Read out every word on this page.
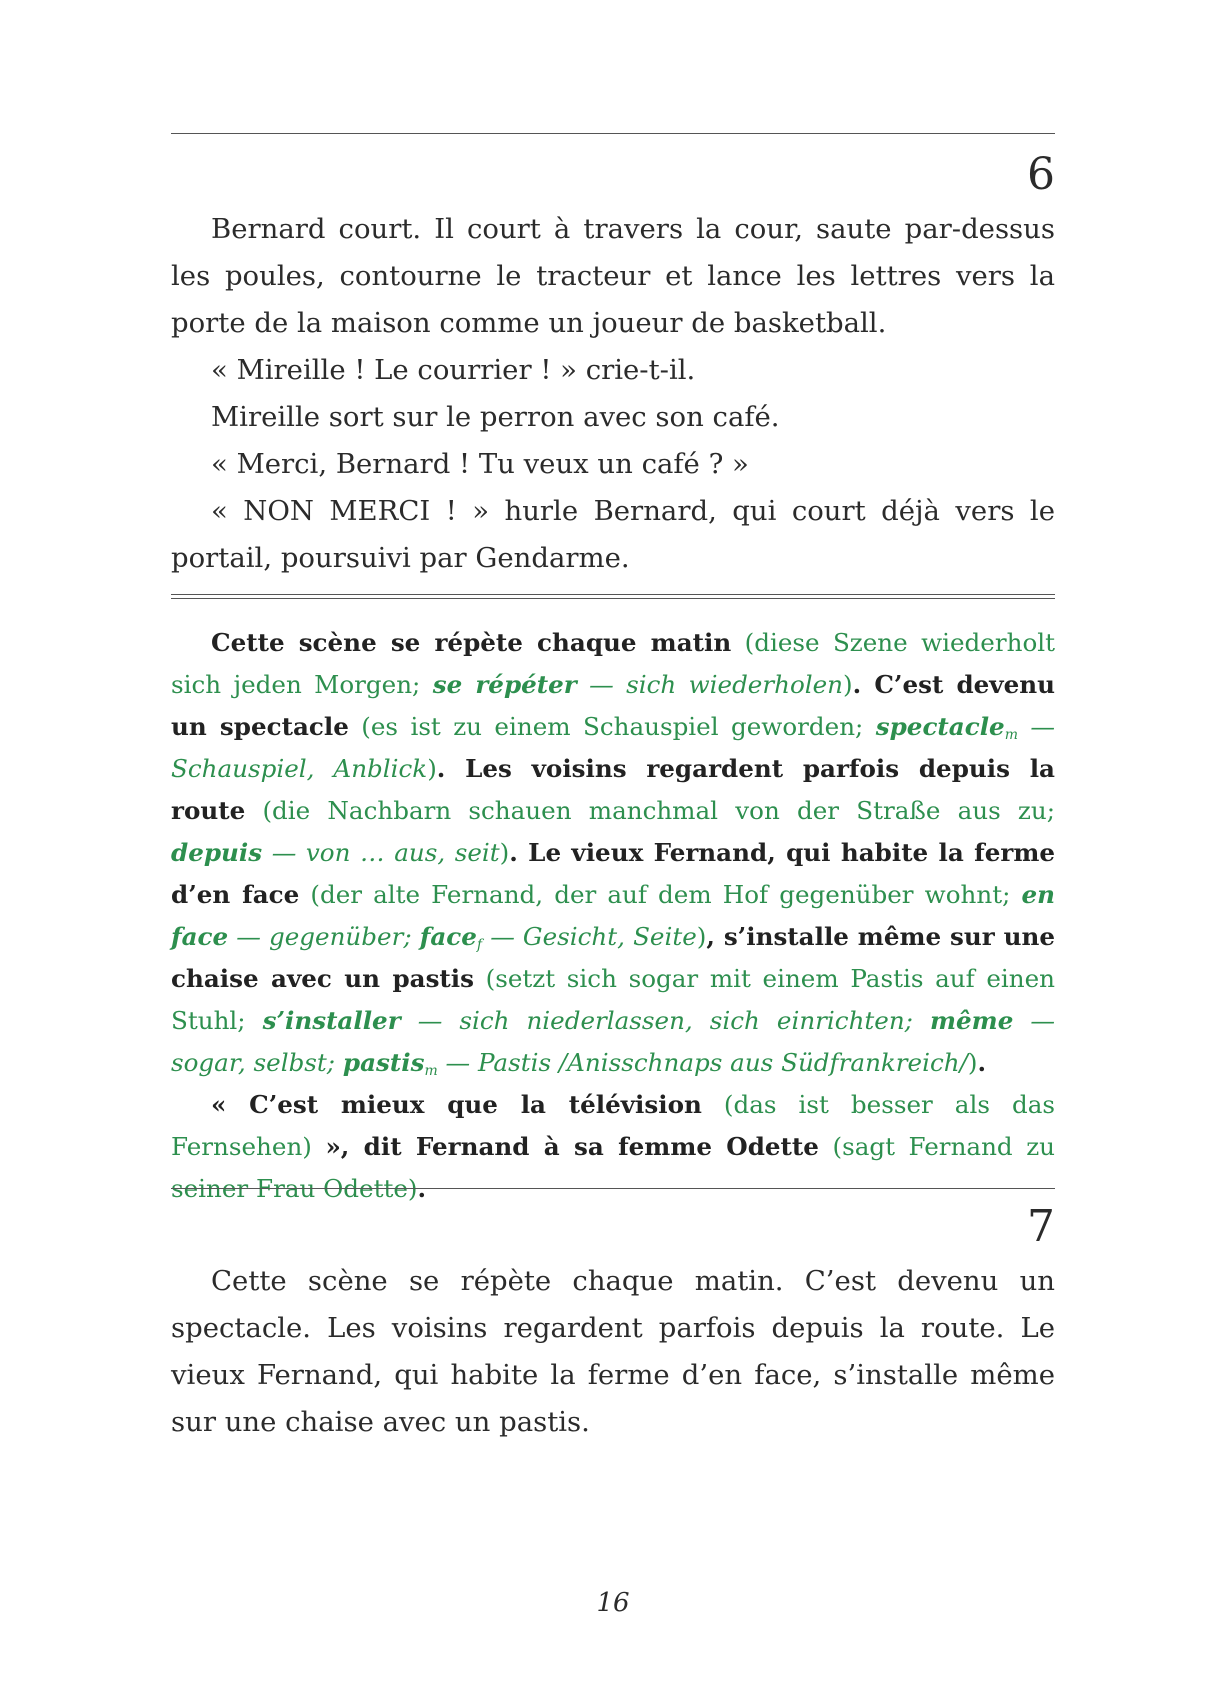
6

Bernard court. Il court à travers la cour, saute par-dessus les poules, contourne le tracteur et lance les lettres vers la porte de la maison comme un joueur de basketball.

« Mireille ! Le courrier ! » crie-t-il.

Mireille sort sur le perron avec son café.

« Merci, Bernard ! Tu veux un café ? »

« NON MERCI ! » hurle Bernard, qui court déjà vers le portail, poursuivi par Gendarme.

Cette scène se répète chaque matin (diese Szene wiederholt sich jeden Morgen; se répéter — sich wiederholen). C’est devenu un spectacle (es ist zu einem Schauspiel geworden; spectacle$_m$ — Schauspiel, Anblick). Les voisins regardent parfois depuis la route (die Nachbarn schauen manchmal von der Straße aus zu; depuis — von … aus, seit). Le vieux Fernand, qui habite la ferme d’en face (der alte Fernand, der auf dem Hof gegenüber wohnt; en face — gegenüber; face$_f$ — Gesicht, Seite), s’installe même sur une chaise avec un pastis (setzt sich sogar mit einem Pastis auf einen Stuhl; s’installer — sich niederlassen, sich einrichten; même — sogar, selbst; pastis$_m$ — Pastis /Anisschnaps aus Südfrankreich/).

« C’est mieux que la télévision (das ist besser als das Fernsehen) », dit Fernand à sa femme Odette (sagt Fernand zu seiner Frau Odette).

7

Cette scène se répète chaque matin. C’est devenu un spectacle. Les voisins regardent parfois depuis la route. Le vieux Fernand, qui habite la ferme d’en face, s’installe même sur une chaise avec un pastis.

16
